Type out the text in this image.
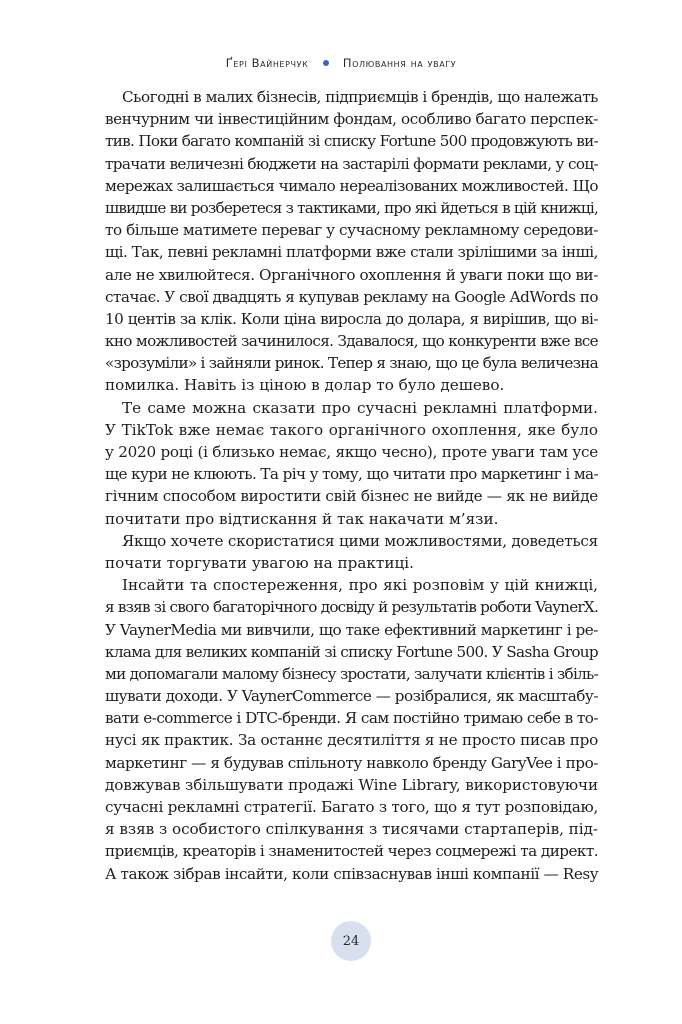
Ґері Вайнерчук	Полювання на увагу
Сьогодні в малих бізнесів, підприємців і брендів, що належать
венчурним чи інвестиційним фондам, особливо багато перспек-
тив. Поки багато компаній зі списку Fortune 500 продовжують ви-
трачати величезні бюджети на застарілі формати реклами, у соц-
мережах залишається чимало нереалізованих можливостей. Що
швидше ви розберетеся з тактиками, про які йдеться в цій книжці,
то більше матимете переваг у сучасному рекламному середови-
щі. Так, певні рекламні платформи вже стали зрілішими за інші,
але не хвилюйтеся. Органічного охоплення й уваги поки що ви-
стачає. У свої двадцять я купував рекламу на Google AdWords по
10 центів за клік. Коли ціна виросла до долара, я вирішив, що ві-
кно можливостей зачинилося. Здавалося, що конкуренти вже все
«зрозуміли» і зайняли ринок. Тепер я знаю, що це була величезна
помилка. Навіть із ціною в долар то було дешево.
Те саме можна сказати про сучасні рекламні платформи.
У TikTok вже немає такого органічного охоплення, яке було
у 2020 році (і близько немає, якщо чесно), проте уваги там усе
ще кури не клюють. Та річ у тому, що читати про маркетинг і ма-
гічним способом виростити свій бізнес не вийде — як не вийде
почитати про відтискання й так накачати м’язи.
Якщо хочете скористатися цими можливостями, доведеться
почати торгувати увагою на практиці.
Інсайти та спостереження, про які розповім у цій книжці,
я взяв зі свого багаторічного досвіду й результатів роботи VaynerX.
У VaynerMedia ми вивчили, що таке ефективний маркетинг і ре-
клама для великих компаній зі списку Fortune 500. У Sasha Group
ми допомагали малому бізнесу зростати, залучати клієнтів і збіль-
шувати доходи. У VaynerCommerce — розібралися, як масштабу-
вати e-commerce і DTC-бренди. Я сам постійно тримаю себе в то-
нусі як практик. За останнє десятиліття я не просто писав про
маркетинг — я будував спільноту навколо бренду GaryVee і про-
довжував збільшувати продажі Wine Library, використовуючи
сучасні рекламні стратегії. Багато з того, що я тут розповідаю,
я взяв з особистого спілкування з тисячами стартаперів, під-
приємців, креаторів і знаменитостей через соцмережі та директ.
А також зібрав інсайти, коли співзаснував інші компанії — Resy
24
